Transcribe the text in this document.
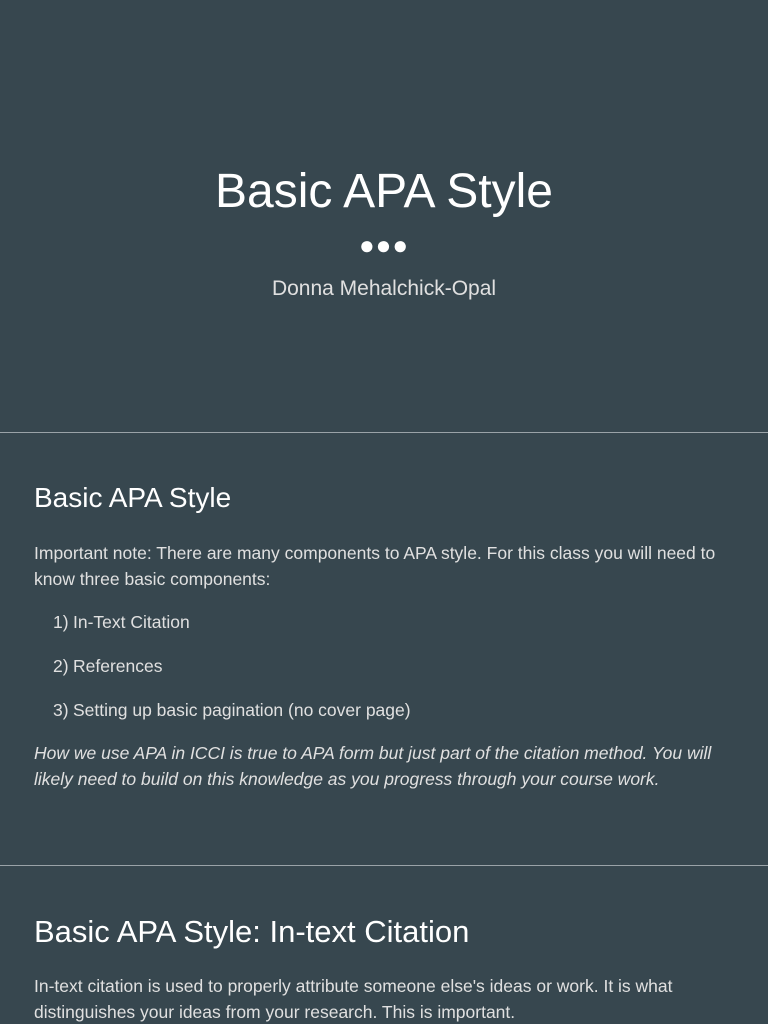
Basic APA Style
●●●
Donna Mehalchick-Opal
Basic APA Style
Important note: There are many components to APA style. For this class you will need to know three basic components:
1) In-Text Citation
2) References
3) Setting up basic pagination (no cover page)
How we use APA in ICCI is true to APA form but just part of the citation method. You will likely need to build on this knowledge as you progress through your course work.
Basic APA Style: In-text Citation
In-text citation is used to properly attribute someone else's ideas or work. It is what distinguishes your ideas from your research. This is important.
